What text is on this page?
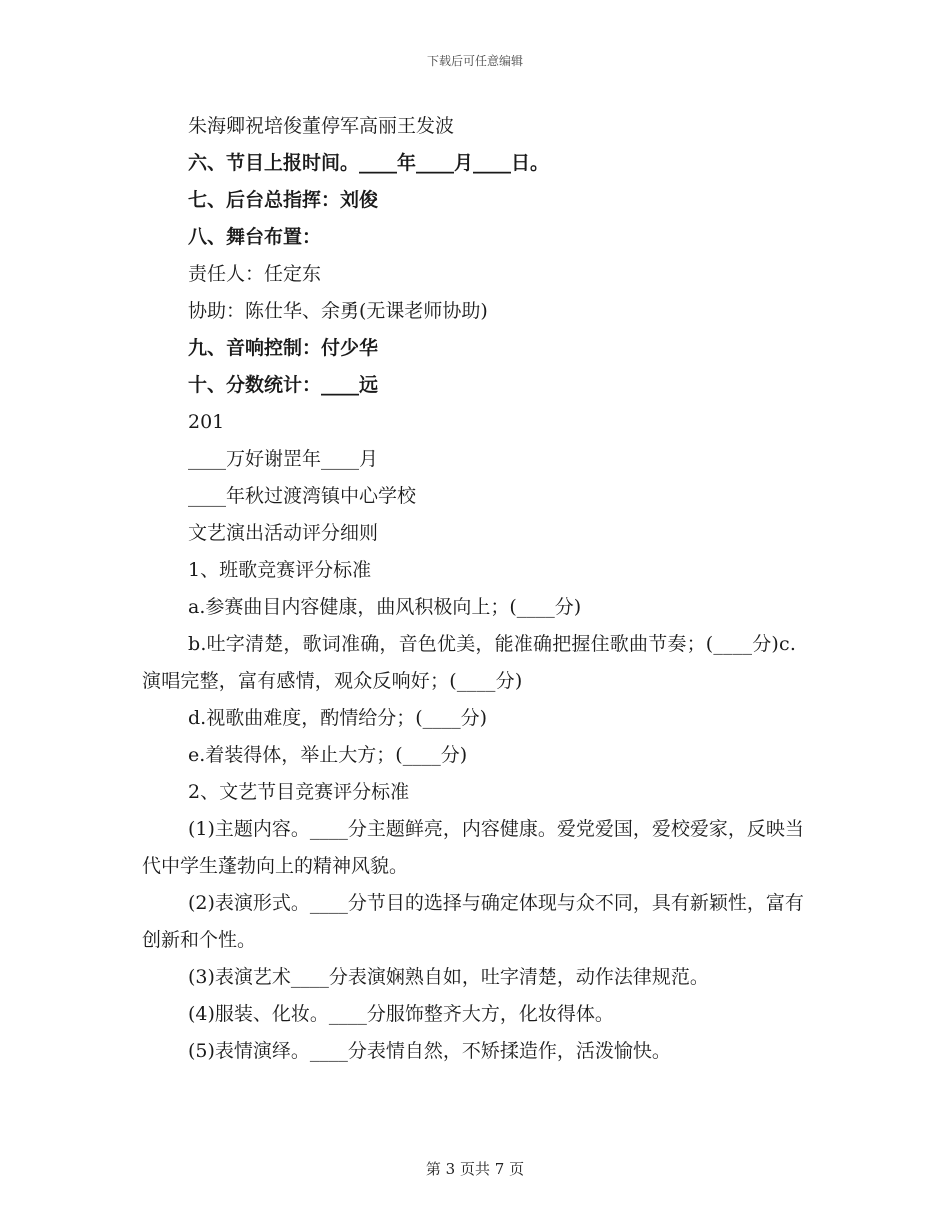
下载后可任意编辑

朱海卿祝培俊董停军高丽王发波

六、节目上报时间。____年____月____日。

七、后台总指挥：刘俊

八、舞台布置：

责任人：任定东

协助：陈仕华、余勇(无课老师协助)

九、音响控制：付少华

十、分数统计：____远

201

____万好谢罡年____月

____年秋过渡湾镇中心学校

文艺演出活动评分细则

1、班歌竞赛评分标准

a.参赛曲目内容健康，曲风积极向上；(____分)

b.吐字清楚，歌词准确，音色优美，能准确把握住歌曲节奏；(____分)c.演唱完整，富有感情，观众反响好；(____分)

d.视歌曲难度，酌情给分；(____分)

e.着装得体，举止大方；(____分)

2、文艺节目竞赛评分标准

(1)主题内容。____分主题鲜亮，内容健康。爱党爱国，爱校爱家，反映当代中学生蓬勃向上的精神风貌。

(2)表演形式。____分节目的选择与确定体现与众不同，具有新颖性，富有创新和个性。

(3)表演艺术____分表演娴熟自如，吐字清楚，动作法律规范。

(4)服装、化妆。____分服饰整齐大方，化妆得体。

(5)表情演绎。____分表情自然，不矫揉造作，活泼愉快。

第 3 页共 7 页
